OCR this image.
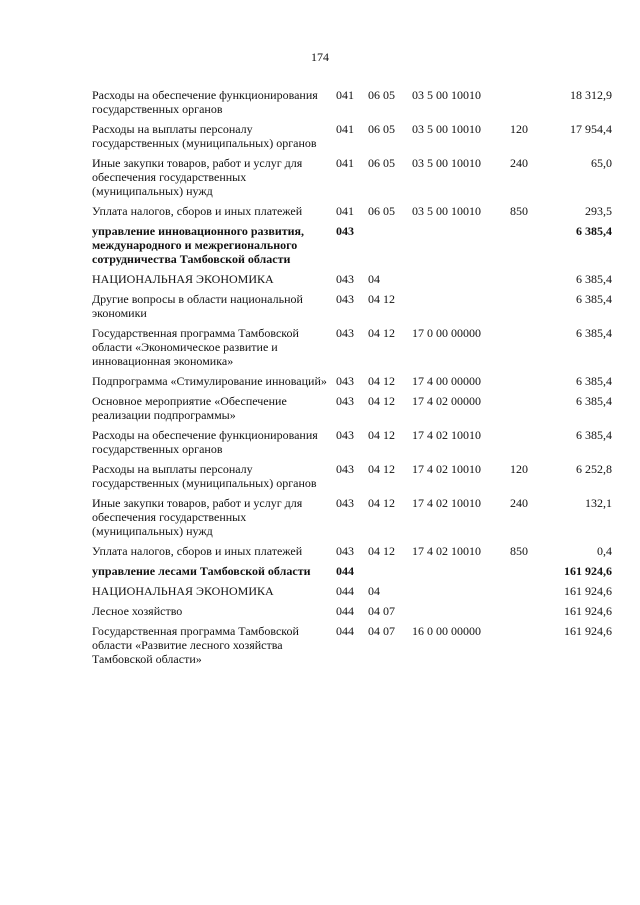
174
Расходы на обеспечение функционирования государственных органов	041	06 05	03 5 00 10010		18 312,9
Расходы на выплаты персоналу государственных (муниципальных) органов	041	06 05	03 5 00 10010	120	17 954,4
Иные закупки товаров, работ и услуг для обеспечения государственных (муниципальных) нужд	041	06 05	03 5 00 10010	240	65,0
Уплата налогов, сборов и иных платежей	041	06 05	03 5 00 10010	850	293,5
управление инновационного развития, международного и межрегионального сотрудничества Тамбовской области	043				6 385,4
НАЦИОНАЛЬНАЯ ЭКОНОМИКА	043	04			6 385,4
Другие вопросы в области национальной экономики	043	04 12			6 385,4
Государственная программа Тамбовской области «Экономическое развитие и инновационная экономика»	043	04 12	17 0 00 00000		6 385,4
Подпрограмма «Стимулирование инноваций»	043	04 12	17 4 00 00000		6 385,4
Основное мероприятие «Обеспечение реализации подпрограммы»	043	04 12	17 4 02 00000		6 385,4
Расходы на обеспечение функционирования государственных органов	043	04 12	17 4 02 10010		6 385,4
Расходы на выплаты персоналу государственных (муниципальных) органов	043	04 12	17 4 02 10010	120	6 252,8
Иные закупки товаров, работ и услуг для обеспечения государственных (муниципальных) нужд	043	04 12	17 4 02 10010	240	132,1
Уплата налогов, сборов и иных платежей	043	04 12	17 4 02 10010	850	0,4
управление лесами Тамбовской области	044				161 924,6
НАЦИОНАЛЬНАЯ ЭКОНОМИКА	044	04			161 924,6
Лесное хозяйство	044	04 07			161 924,6
Государственная программа Тамбовской области «Развитие лесного хозяйства Тамбовской области»	044	04 07	16 0 00 00000		161 924,6
